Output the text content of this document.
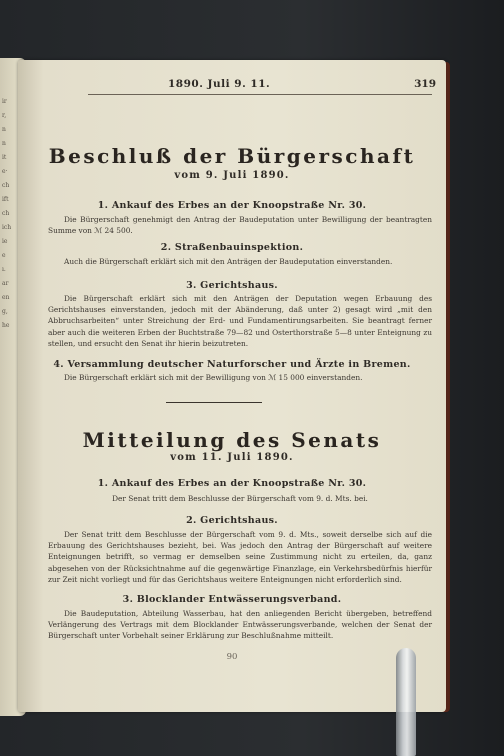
ir
r,
n
n
it
e·
ch
ift
ch
ich
ie
e
ı.
ar
en
g,
he
1890. Juli 9. 11.	319
Beschluß der Bürgerschaft
vom 9. Juli 1890.
1. Ankauf des Erbes an der Knoopstraße Nr. 30.
Die Bürgerschaft genehmigt den Antrag der Baudeputation unter Bewilligung der beantragten Summe von ℳ 24 500.
2. Straßenbauinspektion.
Auch die Bürgerschaft erklärt sich mit den Anträgen der Baudeputation einverstanden.
3. Gerichtshaus.
Die Bürgerschaft erklärt sich mit den Anträgen der Deputation wegen Erbauung des Gerichtshauses einverstanden, jedoch mit der Abänderung, daß unter 2) gesagt wird „mit den Abbruchsarbeiten“ unter Streichung der Erd- und Fundamentirungsarbeiten. Sie beantragt ferner aber auch die weiteren Erben der Buchtstraße 79—82 und Osterthorstraße 5—8 unter Enteignung zu stellen, und ersucht den Senat ihr hierin beizutreten.
4. Versammlung deutscher Naturforscher und Ärzte in Bremen.
Die Bürgerschaft erklärt sich mit der Bewilligung von ℳ 15 000 einverstanden.
Mitteilung des Senats
vom 11. Juli 1890.
1. Ankauf des Erbes an der Knoopstraße Nr. 30.
Der Senat tritt dem Beschlusse der Bürgerschaft vom 9. d. Mts. bei.
2. Gerichtshaus.
Der Senat tritt dem Beschlusse der Bürgerschaft vom 9. d. Mts., soweit derselbe sich auf die Erbauung des Gerichtshauses bezieht, bei. Was jedoch den Antrag der Bürgerschaft auf weitere Enteignungen betrifft, so vermag er demselben seine Zustimmung nicht zu erteilen, da, ganz abgesehen von der Rücksichtnahme auf die gegenwärtige Finanzlage, ein Verkehrsbedürfnis hierfür zur Zeit nicht vorliegt und für das Gerichtshaus weitere Enteignungen nicht erforderlich sind.
3. Blocklander Entwässerungsverband.
Die Baudeputation, Abteilung Wasserbau, hat den anliegenden Bericht übergeben, betreffend Verlängerung des Vertrags mit dem Blocklander Entwässerungsverbande, welchen der Senat der Bürgerschaft unter Vorbehalt seiner Erklärung zur Beschlußnahme mitteilt.
90
